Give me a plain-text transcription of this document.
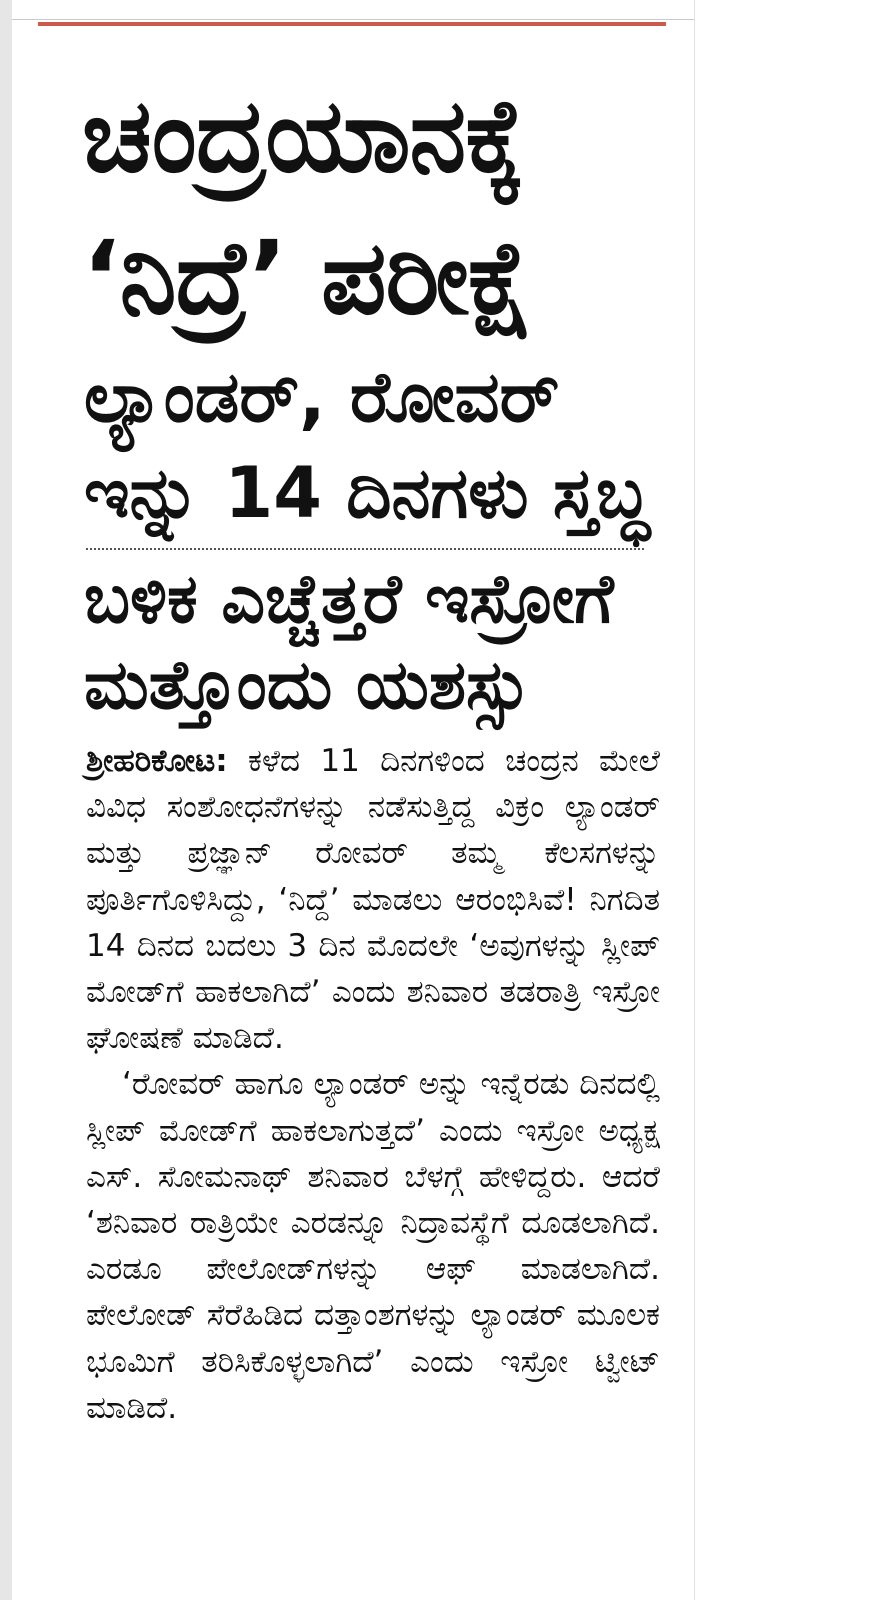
ಚಂದ್ರಯಾನಕ್ಕೆ
‘ನಿದ್ರೆ’ ಪರೀಕ್ಷೆ
ಲ್ಯಾಂಡರ್, ರೋವರ್
ಇನ್ನು 14 ದಿನಗಳು ಸ್ತಬ್ಧ
ಬಳಿಕ ಎಚ್ಚೆತ್ತರೆ ಇಸ್ರೋಗೆ
ಮತ್ತೊಂದು ಯಶಸ್ಸು

ಶ್ರೀಹರಿಕೋಟ: ಕಳೆದ 11 ದಿನಗಳಿಂದ ಚಂದ್ರನ ಮೇಲೆ ವಿವಿಧ ಸಂಶೋಧನೆಗಳನ್ನು ನಡೆಸುತ್ತಿದ್ದ ವಿಕ್ರಂ ಲ್ಯಾಂಡರ್ ಮತ್ತು ಪ್ರಜ್ಞಾನ್ ರೋವರ್ ತಮ್ಮ ಕೆಲಸಗಳನ್ನು ಪೂರ್ತಿಗೊಳಿಸಿದ್ದು, ‘ನಿದ್ದೆ’ ಮಾಡಲು ಆರಂಭಿಸಿವೆ! ನಿಗದಿತ 14 ದಿನದ ಬದಲು 3 ದಿನ ಮೊದಲೇ ‘ಅವುಗಳನ್ನು ಸ್ಲೀಪ್ ಮೋಡ್‌ಗೆ ಹಾಕಲಾಗಿದೆ’ ಎಂದು ಶನಿವಾರ ತಡರಾತ್ರಿ ಇಸ್ರೋ ಘೋಷಣೆ ಮಾಡಿದೆ.

‘ರೋವರ್ ಹಾಗೂ ಲ್ಯಾಂಡರ್ ಅನ್ನು ಇನ್ನೆರಡು ದಿನದಲ್ಲಿ ಸ್ಲೀಪ್ ಮೋಡ್‌ಗೆ ಹಾಕಲಾಗುತ್ತದೆ’ ಎಂದು ಇಸ್ರೋ ಅಧ್ಯಕ್ಷ ಎಸ್. ಸೋಮನಾಥ್ ಶನಿವಾರ ಬೆಳಗ್ಗೆ ಹೇಳಿದ್ದರು. ಆದರೆ ‘ಶನಿವಾರ ರಾತ್ರಿಯೇ ಎರಡನ್ನೂ ನಿದ್ರಾವಸ್ಥೆಗೆ ದೂಡಲಾಗಿದೆ. ಎರಡೂ ಪೇಲೋಡ್‌ಗಳನ್ನು ಆಫ್ ಮಾಡಲಾಗಿದೆ. ಪೇಲೋಡ್ ಸೆರೆಹಿಡಿದ ದತ್ತಾಂಶಗಳನ್ನು ಲ್ಯಾಂಡರ್ ಮೂಲಕ ಭೂಮಿಗೆ ತರಿಸಿಕೊಳ್ಳಲಾಗಿದೆ’ ಎಂದು ಇಸ್ರೋ ಟ್ವೀಟ್ ಮಾಡಿದೆ.
